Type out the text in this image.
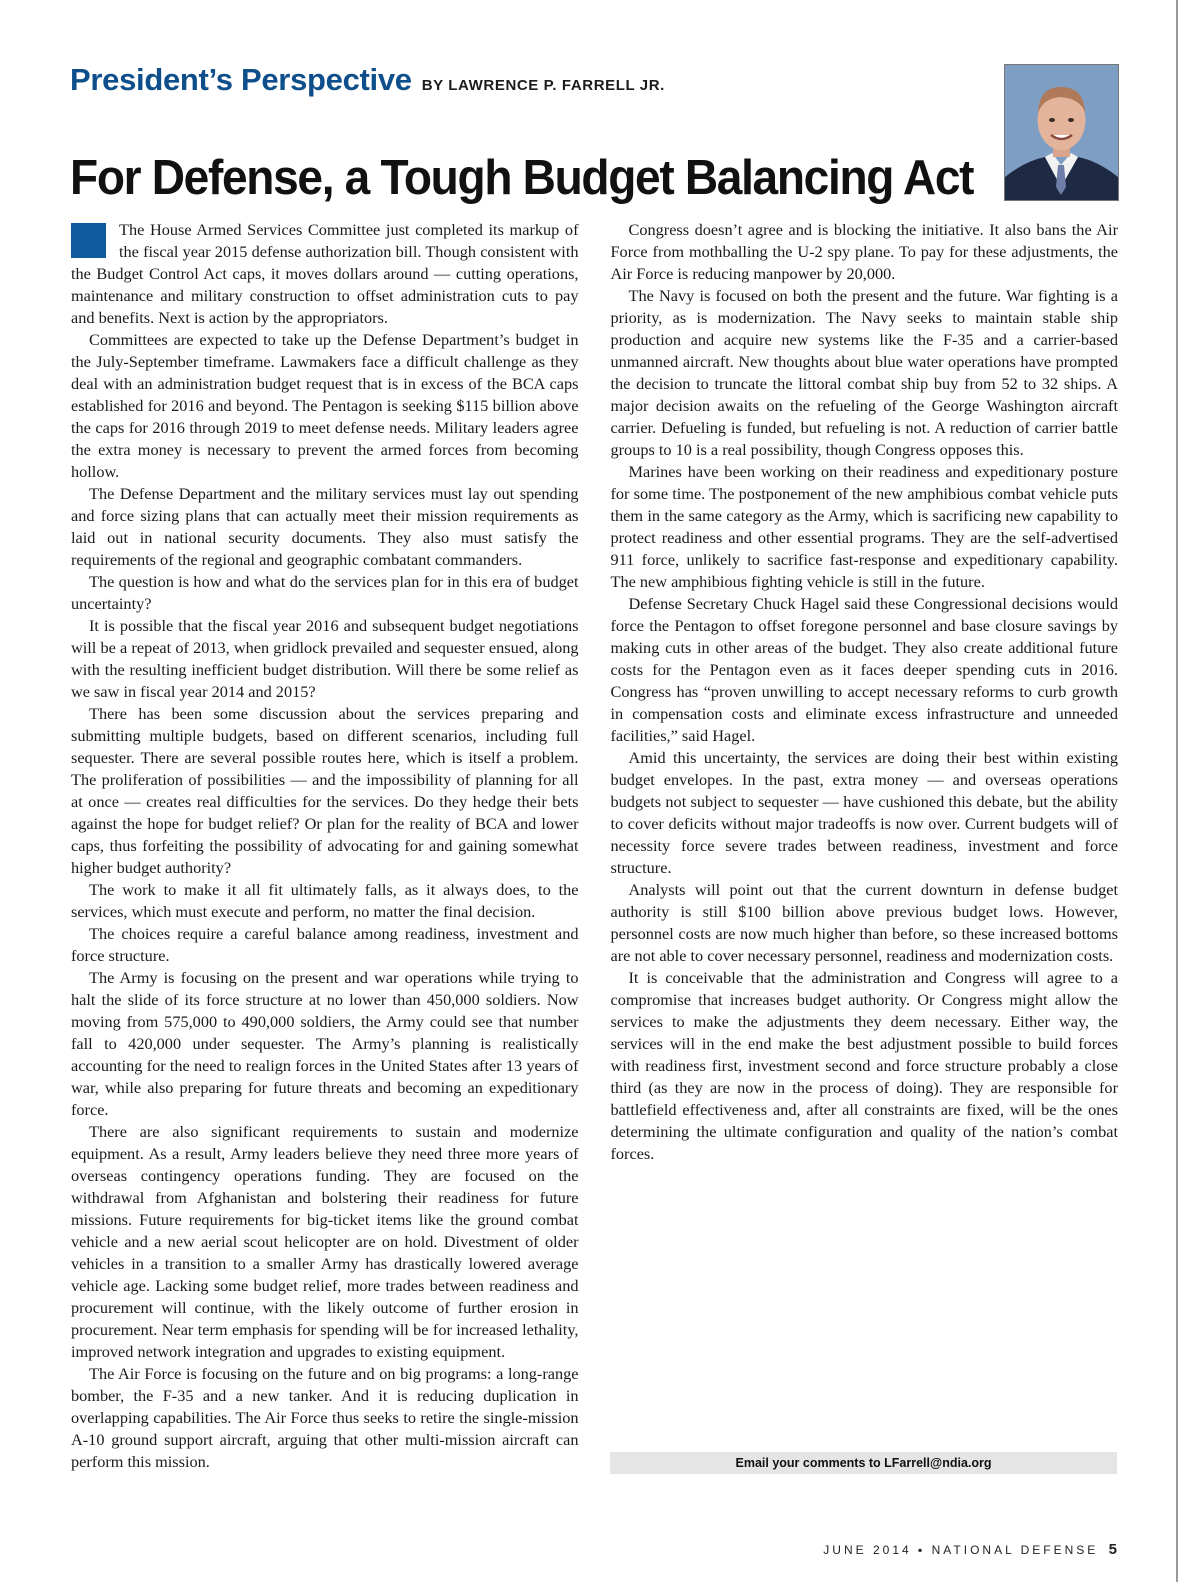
President’s Perspective BY LAWRENCE P. FARRELL JR.
For Defense, a Tough Budget Balancing Act

The House Armed Services Committee just completed its markup of the fiscal year 2015 defense authorization bill. Though consistent with the Budget Control Act caps, it moves dollars around — cutting operations, maintenance and military construction to offset administration cuts to pay and benefits. Next is action by the appropriators.

Committees are expected to take up the Defense Department’s budget in the July-September timeframe. Lawmakers face a difficult challenge as they deal with an administration budget request that is in excess of the BCA caps established for 2016 and beyond. The Pentagon is seeking $115 billion above the caps for 2016 through 2019 to meet defense needs. Military leaders agree the extra money is necessary to prevent the armed forces from becoming hollow.

The Defense Department and the military services must lay out spending and force sizing plans that can actually meet their mission requirements as laid out in national security documents. They also must satisfy the requirements of the regional and geographic combatant commanders.

The question is how and what do the services plan for in this era of budget uncertainty?

It is possible that the fiscal year 2016 and subsequent budget negotiations will be a repeat of 2013, when gridlock prevailed and sequester ensued, along with the resulting inefficient budget distribution. Will there be some relief as we saw in fiscal year 2014 and 2015?

There has been some discussion about the services preparing and submitting multiple budgets, based on different scenarios, including full sequester. There are several possible routes here, which is itself a problem. The proliferation of possibilities — and the impossibility of planning for all at once — creates real difficulties for the services. Do they hedge their bets against the hope for budget relief? Or plan for the reality of BCA and lower caps, thus forfeiting the possibility of advocating for and gaining somewhat higher budget authority?

The work to make it all fit ultimately falls, as it always does, to the services, which must execute and perform, no matter the final decision.

The choices require a careful balance among readiness, investment and force structure.

The Army is focusing on the present and war operations while trying to halt the slide of its force structure at no lower than 450,000 soldiers. Now moving from 575,000 to 490,000 soldiers, the Army could see that number fall to 420,000 under sequester. The Army’s planning is realistically accounting for the need to realign forces in the United States after 13 years of war, while also preparing for future threats and becoming an expeditionary force.

There are also significant requirements to sustain and modernize equipment. As a result, Army leaders believe they need three more years of overseas contingency operations funding. They are focused on the withdrawal from Afghanistan and bolstering their readiness for future missions. Future requirements for big-ticket items like the ground combat vehicle and a new aerial scout helicopter are on hold. Divestment of older vehicles in a transition to a smaller Army has drastically lowered average vehicle age. Lacking some budget relief, more trades between readiness and procurement will continue, with the likely outcome of further erosion in procurement. Near term emphasis for spending will be for increased lethality, improved network integration and upgrades to existing equipment.

The Air Force is focusing on the future and on big programs: a long-range bomber, the F-35 and a new tanker. And it is reducing duplication in overlapping capabilities. The Air Force thus seeks to retire the single-mission A-10 ground support aircraft, arguing that other multi-mission aircraft can perform this mission.

Congress doesn’t agree and is blocking the initiative. It also bans the Air Force from mothballing the U-2 spy plane. To pay for these adjustments, the Air Force is reducing manpower by 20,000.

The Navy is focused on both the present and the future. War fighting is a priority, as is modernization. The Navy seeks to maintain stable ship production and acquire new systems like the F-35 and a carrier-based unmanned aircraft. New thoughts about blue water operations have prompted the decision to truncate the littoral combat ship buy from 52 to 32 ships. A major decision awaits on the refueling of the George Washington aircraft carrier. Defueling is funded, but refueling is not. A reduction of carrier battle groups to 10 is a real possibility, though Congress opposes this.

Marines have been working on their readiness and expeditionary posture for some time. The postponement of the new amphibious combat vehicle puts them in the same category as the Army, which is sacrificing new capability to protect readiness and other essential programs. They are the self-advertised 911 force, unlikely to sacrifice fast-response and expeditionary capability. The new amphibious fighting vehicle is still in the future.

Defense Secretary Chuck Hagel said these Congressional decisions would force the Pentagon to offset foregone personnel and base closure savings by making cuts in other areas of the budget. They also create additional future costs for the Pentagon even as it faces deeper spending cuts in 2016. Congress has “proven unwilling to accept necessary reforms to curb growth in compensation costs and eliminate excess infrastructure and unneeded facilities,” said Hagel.

Amid this uncertainty, the services are doing their best within existing budget envelopes. In the past, extra money — and overseas operations budgets not subject to sequester — have cushioned this debate, but the ability to cover deficits without major tradeoffs is now over. Current budgets will of necessity force severe trades between readiness, investment and force structure.

Analysts will point out that the current downturn in defense budget authority is still $100 billion above previous budget lows. However, personnel costs are now much higher than before, so these increased bottoms are not able to cover necessary personnel, readiness and modernization costs.

It is conceivable that the administration and Congress will agree to a compromise that increases budget authority. Or Congress might allow the services to make the adjustments they deem necessary. Either way, the services will in the end make the best adjustment possible to build forces with readiness first, investment second and force structure probably a close third (as they are now in the process of doing). They are responsible for battlefield effectiveness and, after all constraints are fixed, will be the ones determining the ultimate configuration and quality of the nation’s combat forces.

Email your comments to LFarrell@ndia.org
JUNE 2014 ▪ NATIONAL DEFENSE 5
